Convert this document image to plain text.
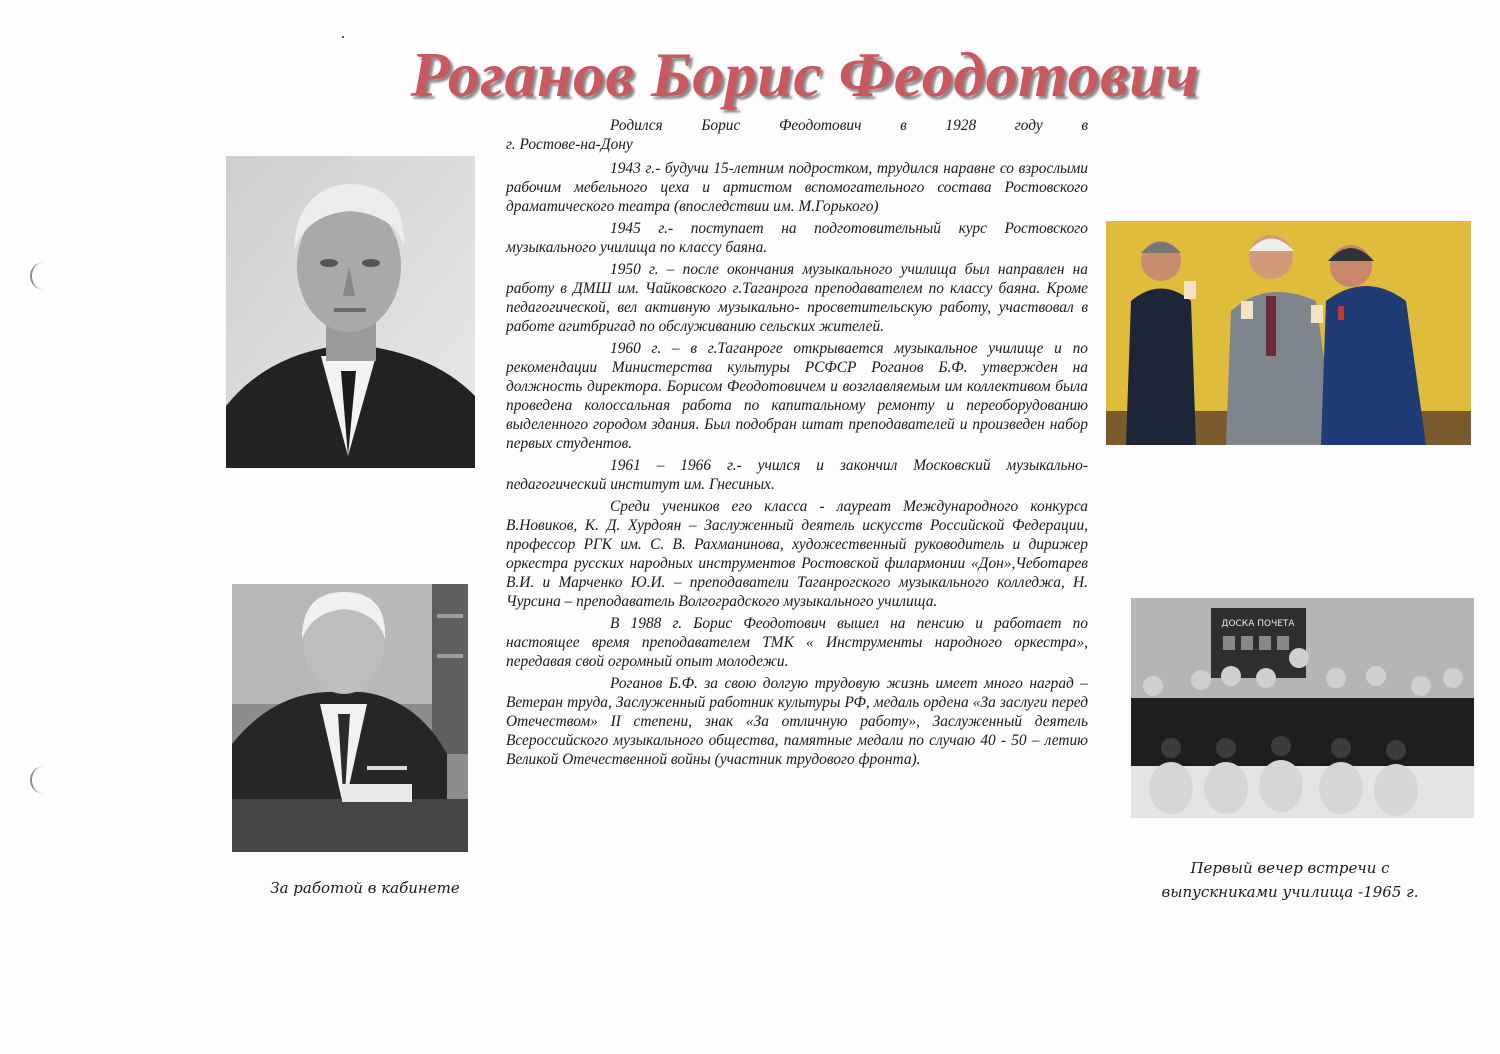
Роганов Борис Феодотович
ДОСКА ПОЧЕТА
За работой в кабинете
Первый вечер встречи с выпускниками училища -1965 г.

Родился Борис Феодотович в 1928 году в

г. Ростове-на-Дону

1943 г.- будучи 15-летним подростком, трудился наравне со взрослыми рабочим мебельного цеха и артистом вспомогательного состава Ростовского драматического театра (впоследствии им. М.Горького)

1945 г.- поступает на подготовительный курс Ростовского музыкального училища по классу баяна.

1950 г. – после окончания музыкального училища был направлен на работу в ДМШ им. Чайковского г.Таганрога преподавателем по классу баяна. Кроме педагогической, вел активную музыкально- просветительскую работу, участвовал в работе агитбригад по обслуживанию сельских жителей.

1960 г. – в г.Таганроге открывается музыкальное училище и по рекомендации Министерства культуры РСФСР Роганов Б.Ф. утвержден на должность директора. Борисом Феодотовичем и возглавляемым им коллективом была проведена колоссальная работа по капитальному ремонту и переоборудованию выделенного городом здания. Был подобран штат преподавателей и произведен набор первых студентов.

1961 – 1966 г.- учился и закончил Московский музыкально-педагогический институт им. Гнесиных.

Среди учеников его класса - лауреат Международного конкурса В.Новиков, К. Д. Хурдоян – Заслуженный деятель искусств Российской Федерации, профессор РГК им. С. В. Рахманинова, художественный руководитель и дирижер оркестра русских народных инструментов Ростовской филармонии «Дон»,Чеботарев В.И. и Марченко Ю.И. – преподаватели Таганрогского музыкального колледжа, Н. Чурсина – преподаватель Волгоградского музыкального училища.

В 1988 г. Борис Феодотович вышел на пенсию и работает по настоящее время преподавателем ТМК « Инструменты народного оркестра», передавая свой огромный опыт молодежи.

Роганов Б.Ф. за свою долгую трудовую жизнь имеет много наград –Ветеран труда, Заслуженный работник культуры РФ, медаль ордена «За заслуги перед Отечеством» II степени, знак «За отличную работу», Заслуженный деятель Всероссийского музыкального общества, памятные медали по случаю 40 - 50 – летию Великой Отечественной войны (участник трудового фронта).
